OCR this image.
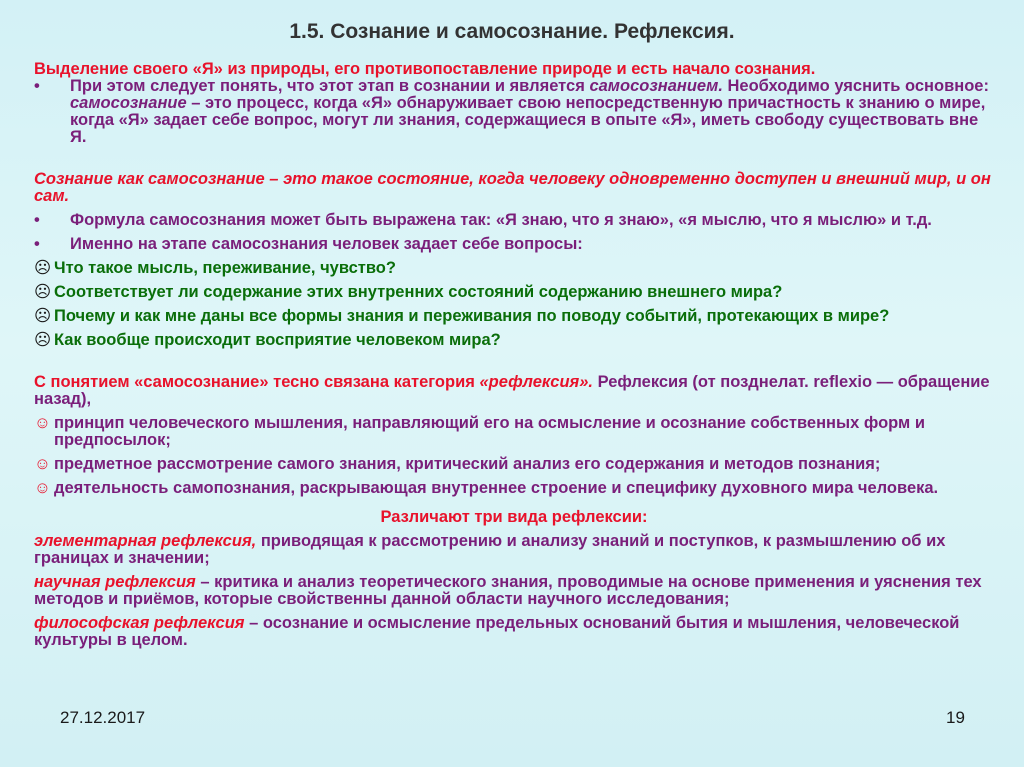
1.5. Сознание и самосознание. Рефлексия.

Выделение своего «Я» из природы, его противопоставление природе и есть начало сознания.

•	При этом следует понять, что этот этап в сознании и является самосознанием. Необходимо уяснить основное: самосознание – это процесс, когда «Я» обнаруживает свою непосредственную причастность к знанию о мире, когда «Я» задает себе вопрос, могут ли знания, содержащиеся в опыте «Я», иметь свободу существовать вне Я.

Сознание как самосознание – это такое состояние, когда человеку одновременно доступен и внешний мир, и он сам.

•	Формула самосознания может быть выражена так: «Я знаю, что я знаю», «я мыслю, что я мыслю» и т.д.
•	Именно на этапе самосознания человек задает себе вопросы:
☹ Что такое мысль, переживание, чувство?
☹ Соответствует ли содержание этих внутренних состояний содержанию внешнего мира?
☹ Почему и как мне даны все формы знания и переживания по поводу событий, протекающих в мире?
☹ Как вообще происходит восприятие человеком мира?

С понятием «самосознание» тесно связана категория «рефлексия». Рефлексия (от позднелат. reflexio — обращение назад),

☺ принцип человеческого мышления, направляющий его на осмысление и осознание собственных форм и предпосылок;
☺ предметное рассмотрение самого знания, критический анализ его содержания и методов познания;
☺ деятельность самопознания, раскрывающая внутреннее строение и специфику духовного мира человека.

Различают три вида рефлексии:

элементарная рефлексия, приводящая к рассмотрению и анализу знаний и поступков, к размышлению об их границах и значении;

научная рефлексия – критика и анализ теоретического знания, проводимые на основе применения и уяснения тех методов и приёмов, которые свойственны данной области научного исследования;

философская рефлексия – осознание и осмысление предельных оснований бытия и мышления, человеческой культуры в целом.

27.12.2017	19
